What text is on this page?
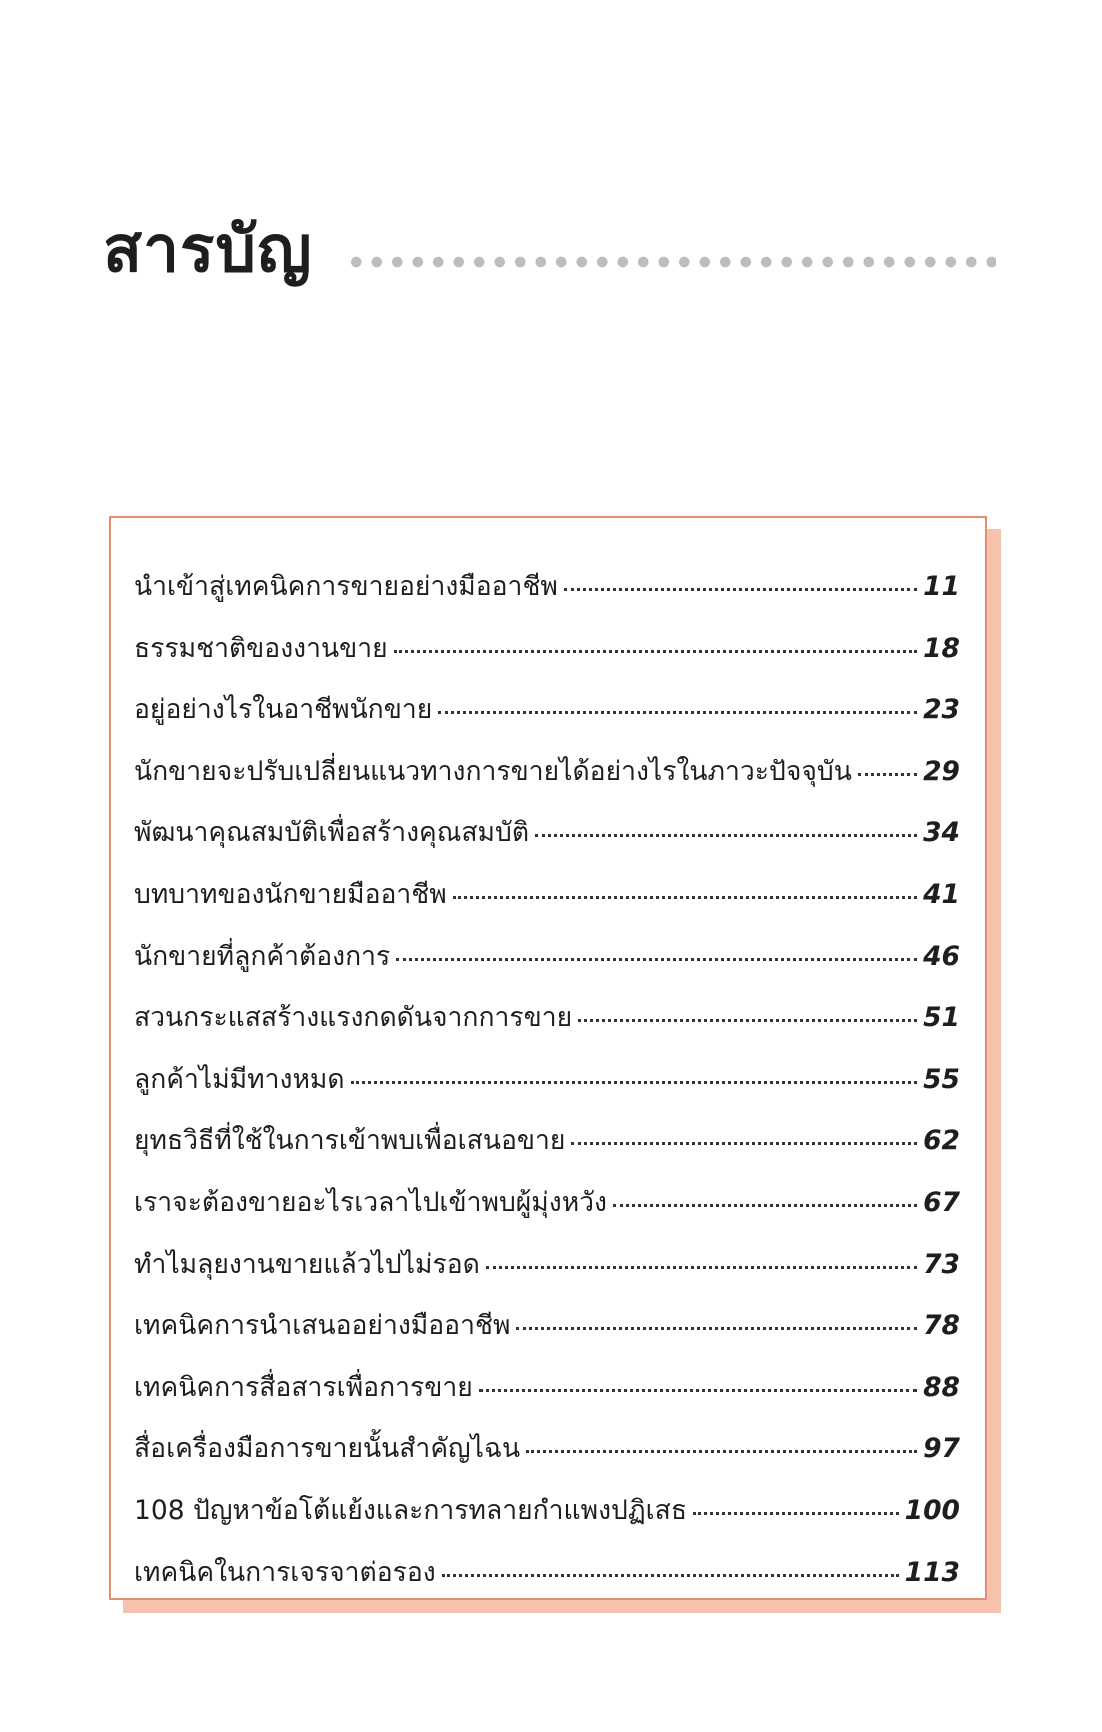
สารบัญ
นำเข้าสู่เทคนิคการขายอย่างมืออาชีพ	11
ธรรมชาติของงานขาย	18
อยู่อย่างไรในอาชีพนักขาย	23
นักขายจะปรับเปลี่ยนแนวทางการขายได้อย่างไรในภาวะปัจจุบัน	29
พัฒนาคุณสมบัติเพื่อสร้างคุณสมบัติ	34
บทบาทของนักขายมืออาชีพ	41
นักขายที่ลูกค้าต้องการ	46
สวนกระแสสร้างแรงกดดันจากการขาย	51
ลูกค้าไม่มีทางหมด	55
ยุทธวิธีที่ใช้ในการเข้าพบเพื่อเสนอขาย	62
เราจะต้องขายอะไรเวลาไปเข้าพบผู้มุ่งหวัง	67
ทำไมลุยงานขายแล้วไปไม่รอด	73
เทคนิคการนำเสนออย่างมืออาชีพ	78
เทคนิคการสื่อสารเพื่อการขาย	88
สื่อเครื่องมือการขายนั้นสำคัญไฉน	97
108 ปัญหาข้อโต้แย้งและการทลายกำแพงปฏิเสธ	100
เทคนิคในการเจรจาต่อรอง	113
